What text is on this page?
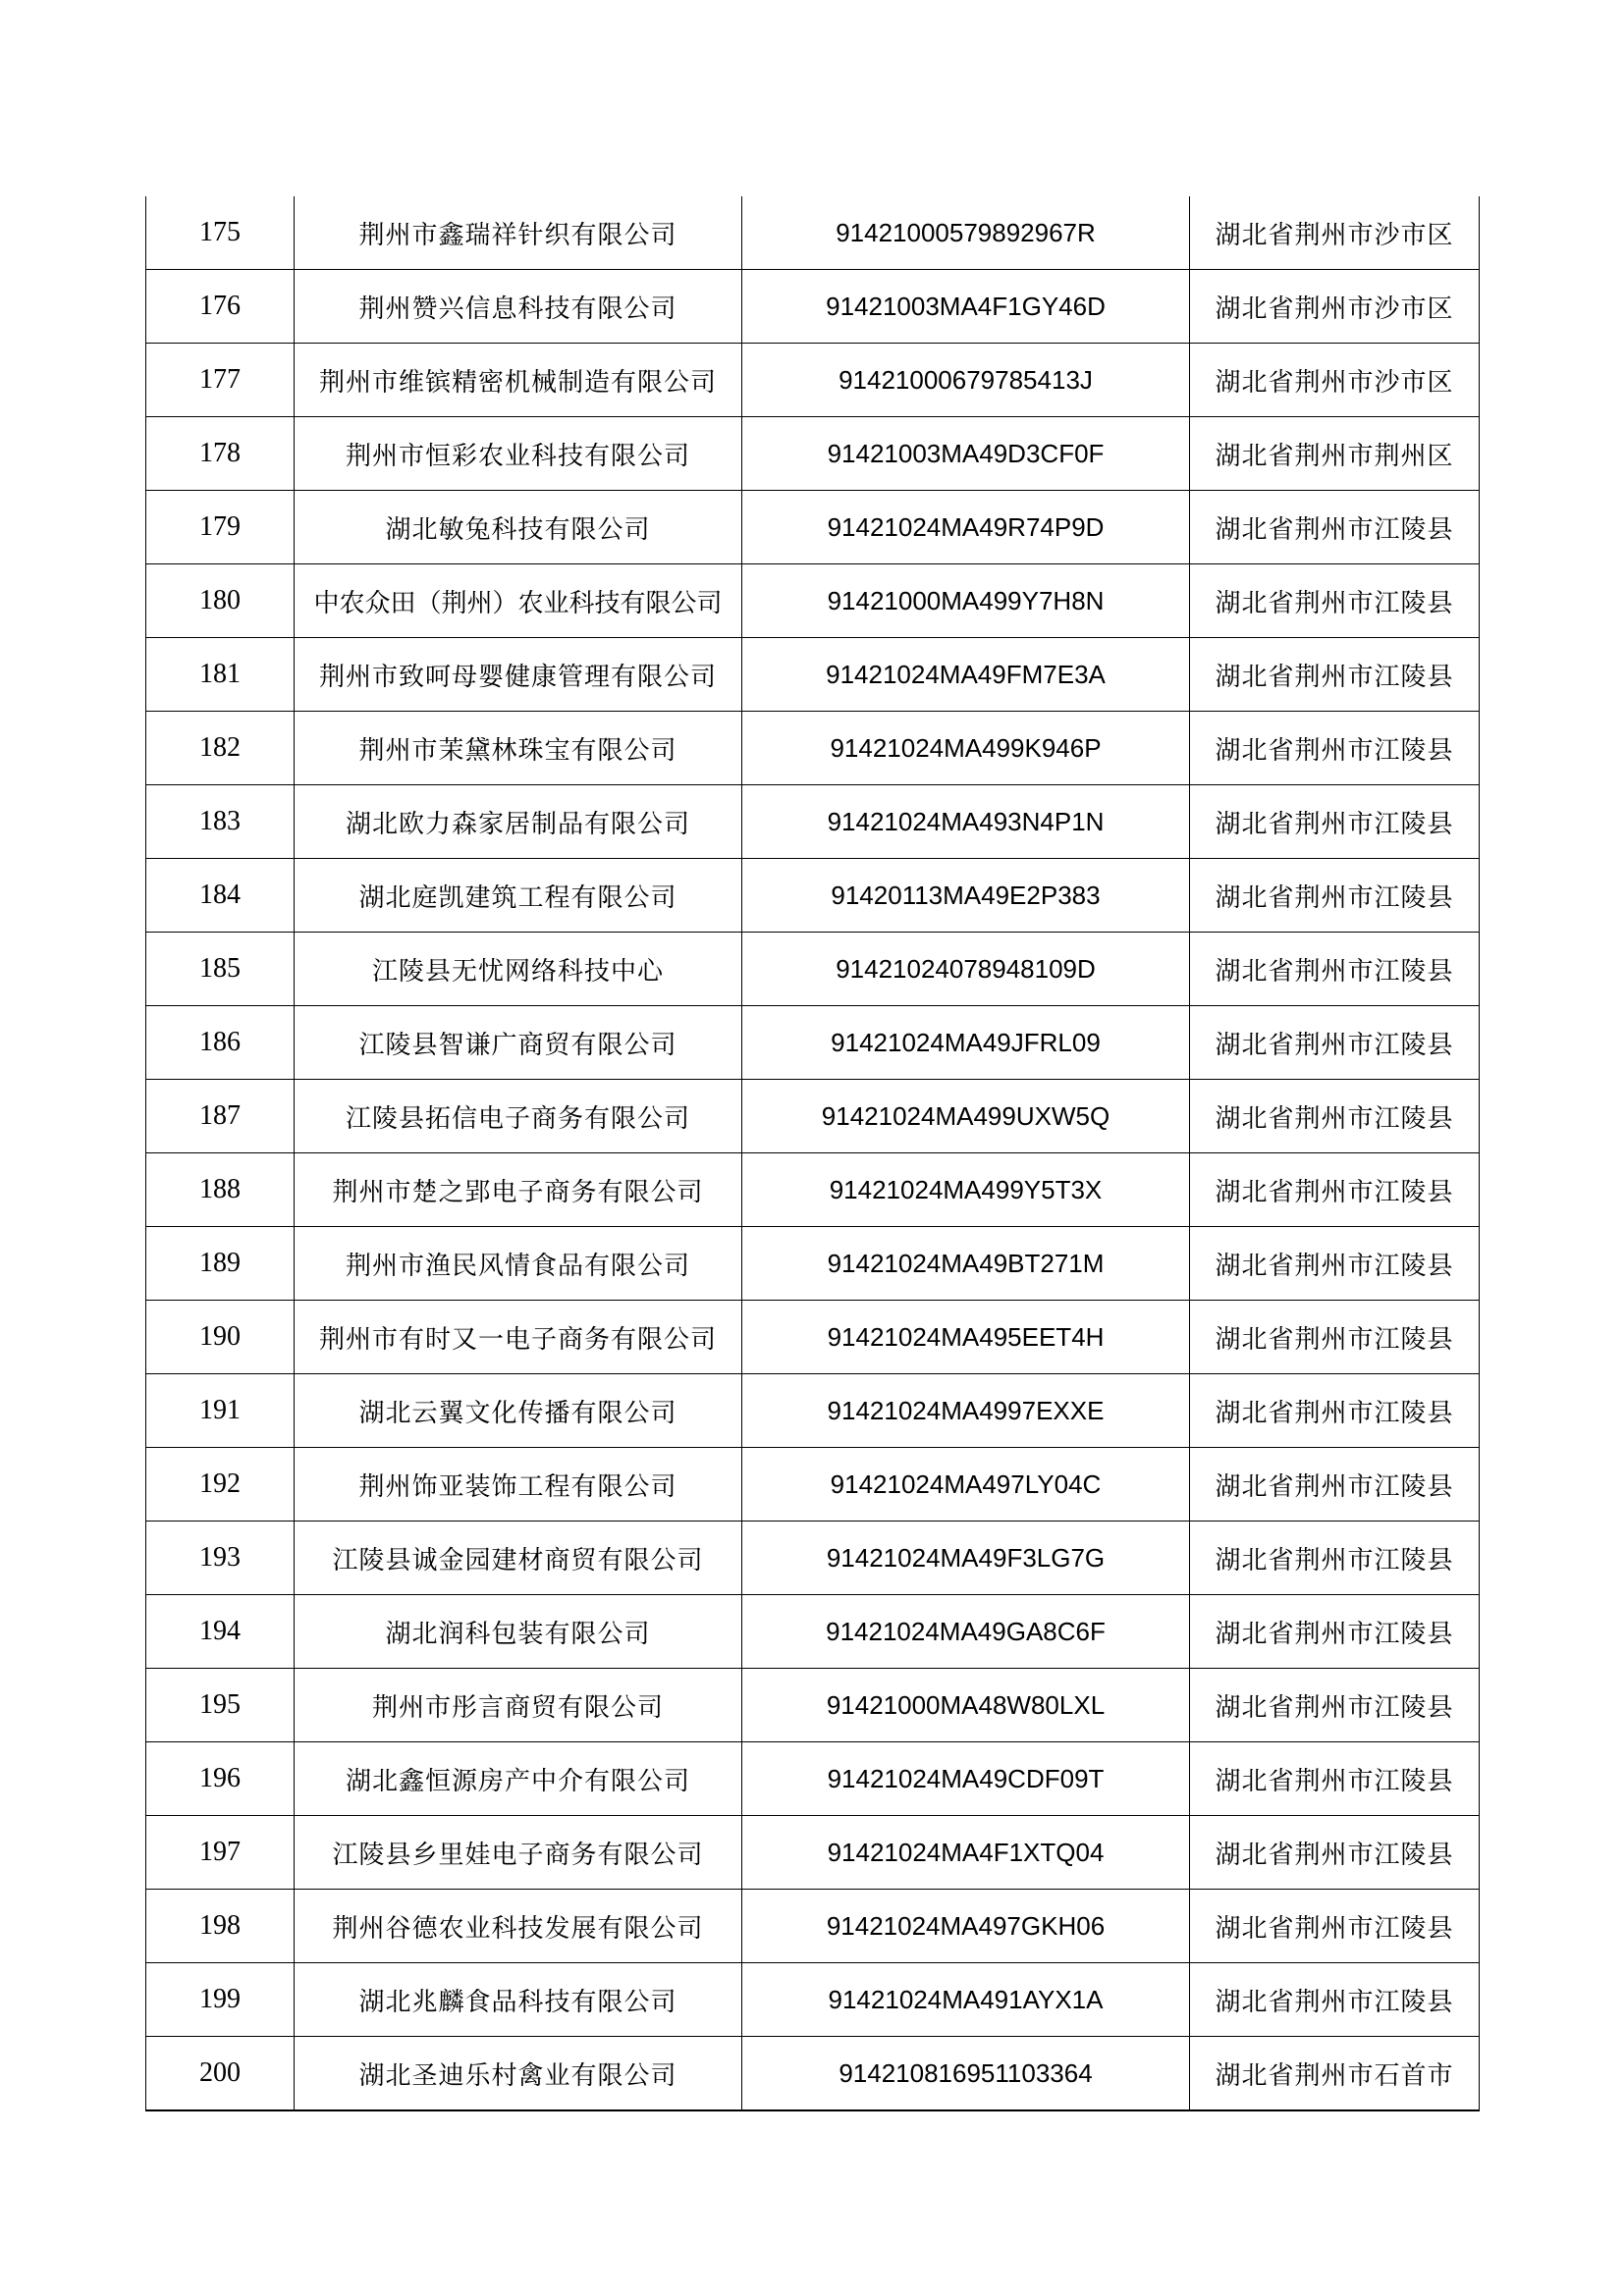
175	荆州市鑫瑞祥针织有限公司	91421000579892967R	湖北省荆州市沙市区
176	荆州赞兴信息科技有限公司	91421003MA4F1GY46D	湖北省荆州市沙市区
177	荆州市维镔精密机械制造有限公司	91421000679785413J	湖北省荆州市沙市区
178	荆州市恒彩农业科技有限公司	91421003MA49D3CF0F	湖北省荆州市荆州区
179	湖北敏兔科技有限公司	91421024MA49R74P9D	湖北省荆州市江陵县
180	中农众田（荆州）农业科技有限公司	91421000MA499Y7H8N	湖北省荆州市江陵县
181	荆州市致呵母婴健康管理有限公司	91421024MA49FM7E3A	湖北省荆州市江陵县
182	荆州市茉黛林珠宝有限公司	91421024MA499K946P	湖北省荆州市江陵县
183	湖北欧力森家居制品有限公司	91421024MA493N4P1N	湖北省荆州市江陵县
184	湖北庭凯建筑工程有限公司	91420113MA49E2P383	湖北省荆州市江陵县
185	江陵县无忧网络科技中心	91421024078948109D	湖北省荆州市江陵县
186	江陵县智谦广商贸有限公司	91421024MA49JFRL09	湖北省荆州市江陵县
187	江陵县拓信电子商务有限公司	91421024MA499UXW5Q	湖北省荆州市江陵县
188	荆州市楚之郢电子商务有限公司	91421024MA499Y5T3X	湖北省荆州市江陵县
189	荆州市渔民风情食品有限公司	91421024MA49BT271M	湖北省荆州市江陵县
190	荆州市有时又一电子商务有限公司	91421024MA495EET4H	湖北省荆州市江陵县
191	湖北云翼文化传播有限公司	91421024MA4997EXXE	湖北省荆州市江陵县
192	荆州饰亚装饰工程有限公司	91421024MA497LY04C	湖北省荆州市江陵县
193	江陵县诚金园建材商贸有限公司	91421024MA49F3LG7G	湖北省荆州市江陵县
194	湖北润科包装有限公司	91421024MA49GA8C6F	湖北省荆州市江陵县
195	荆州市彤言商贸有限公司	91421000MA48W80LXL	湖北省荆州市江陵县
196	湖北鑫恒源房产中介有限公司	91421024MA49CDF09T	湖北省荆州市江陵县
197	江陵县乡里娃电子商务有限公司	91421024MA4F1XTQ04	湖北省荆州市江陵县
198	荆州谷德农业科技发展有限公司	91421024MA497GKH06	湖北省荆州市江陵县
199	湖北兆麟食品科技有限公司	91421024MA491AYX1A	湖北省荆州市江陵县
200	湖北圣迪乐村禽业有限公司	914210816951103364	湖北省荆州市石首市
